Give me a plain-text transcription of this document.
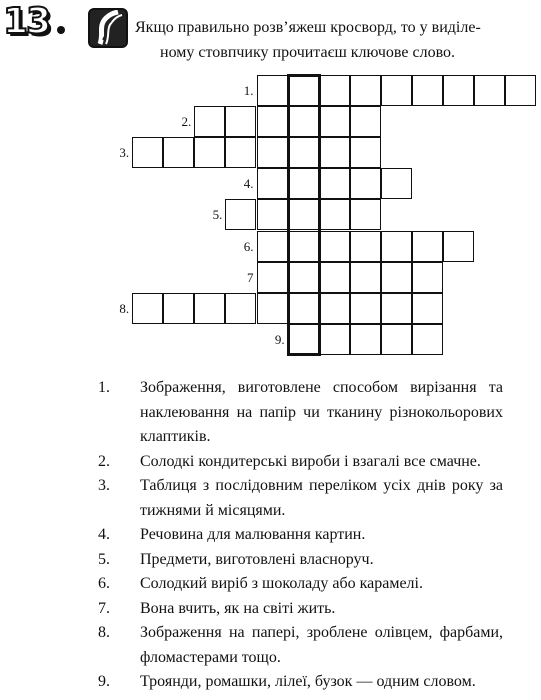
13	Якщо правильно розв’яжеш кросворд, то у виділе-
ному стовпчику прочитаєш ключове слово.
1.
2.
3.
4.
5.
6.
7
8.
9.
1. Зображення, виготовлене способом вирізання та наклеювання на папір чи тканину різнокольорових клаптиків.
2. Солодкі кондитерські вироби і взагалі все смачне.
3. Таблиця з послідовним переліком усіх днів року за тижнями й місяцями.
4. Речовина для малювання картин.
5. Предмети, виготовлені власноруч.
6. Солодкий виріб з шоколаду або карамелі.
7. Вона вчить, як на світі жить.
8. Зображення на папері, зроблене олівцем, фарбами, фломастерами тощо.
9. Троянди, ромашки, лілеї, бузок — одним словом.
